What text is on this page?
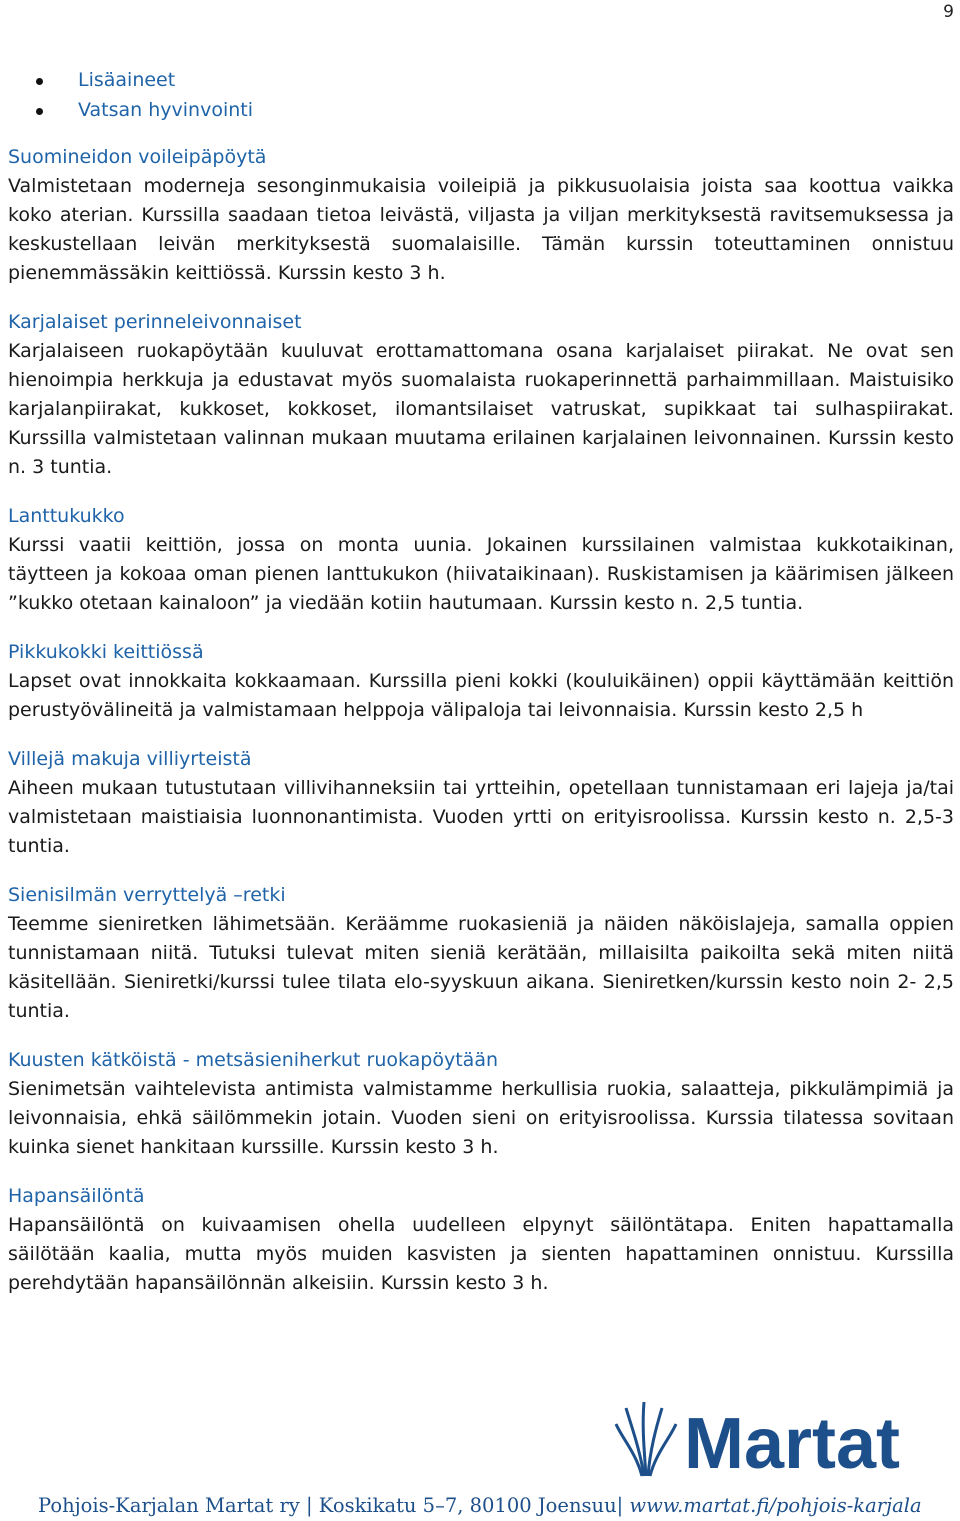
9
Lisäaineet
Vatsan hyvinvointi
Suomineidon voileipäpöytä

Valmistetaan moderneja sesonginmukaisia voileipiä ja pikkusuolaisia joista saa koottua vaikka koko aterian. Kurssilla saadaan tietoa leivästä, viljasta ja viljan merkityksestä ravitsemuksessa ja keskustellaan leivän merkityksestä suomalaisille. Tämän kurssin toteuttaminen onnistuu pienemmässäkin keittiössä. Kurssin kesto 3 h.

Karjalaiset perinneleivonnaiset

Karjalaiseen ruokapöytään kuuluvat erottamattomana osana karjalaiset piirakat. Ne ovat sen hienoimpia herkkuja ja edustavat myös suomalaista ruokaperinnettä parhaimmillaan. Maistuisiko karjalanpiirakat, kukkoset, kokkoset, ilomantsilaiset vatruskat, supikkaat tai sulhaspiirakat. Kurssilla valmistetaan valinnan mukaan muutama erilainen karjalainen leivonnainen. Kurssin kesto n. 3 tuntia.

Lanttukukko

Kurssi vaatii keittiön, jossa on monta uunia. Jokainen kurssilainen valmistaa kukkotaikinan, täytteen ja kokoaa oman pienen lanttukukon (hiivataikinaan). Ruskistamisen ja käärimisen jälkeen ”kukko otetaan kainaloon” ja viedään kotiin hautumaan. Kurssin kesto n. 2,5 tuntia.

Pikkukokki keittiössä

Lapset ovat innokkaita kokkaamaan. Kurssilla pieni kokki (kouluikäinen) oppii käyttämään keittiön perustyövälineitä ja valmistamaan helppoja välipaloja tai leivonnaisia. Kurssin kesto 2,5 h

Villejä makuja villiyrteistä

Aiheen mukaan tutustutaan villivihanneksiin tai yrtteihin, opetellaan tunnistamaan eri lajeja ja/tai valmistetaan maistiaisia luonnonantimista. Vuoden yrtti on erityisroolissa. Kurssin kesto n. 2,5-3 tuntia.

Sienisilmän verryttelyä –retki

Teemme sieniretken lähimetsään. Keräämme ruokasieniä ja näiden näköislajeja, samalla oppien tunnistamaan niitä. Tutuksi tulevat miten sieniä kerätään, millaisilta paikoilta sekä miten niitä käsitellään. Sieniretki/kurssi tulee tilata elo-syyskuun aikana. Sieniretken/kurssin kesto noin 2- 2,5 tuntia.

Kuusten kätköistä - metsäsieniherkut ruokapöytään

Sienimetsän vaihtelevista antimista valmistamme herkullisia ruokia, salaatteja, pikkulämpimiä ja leivonnaisia, ehkä säilömmekin jotain. Vuoden sieni on erityisroolissa. Kurssia tilatessa sovitaan kuinka sienet hankitaan kurssille. Kurssin kesto 3 h.

Hapansäilöntä

Hapansäilöntä on kuivaamisen ohella uudelleen elpynyt säilöntätapa. Eniten hapattamalla säilötään kaalia, mutta myös muiden kasvisten ja sienten hapattaminen onnistuu. Kurssilla perehdytään hapansäilönnän alkeisiin. Kurssin kesto 3 h.

Martat
Pohjois-Karjalan Martat ry | Koskikatu 5–7, 80100 Joensuu| www.martat.fi/pohjois-karjala
